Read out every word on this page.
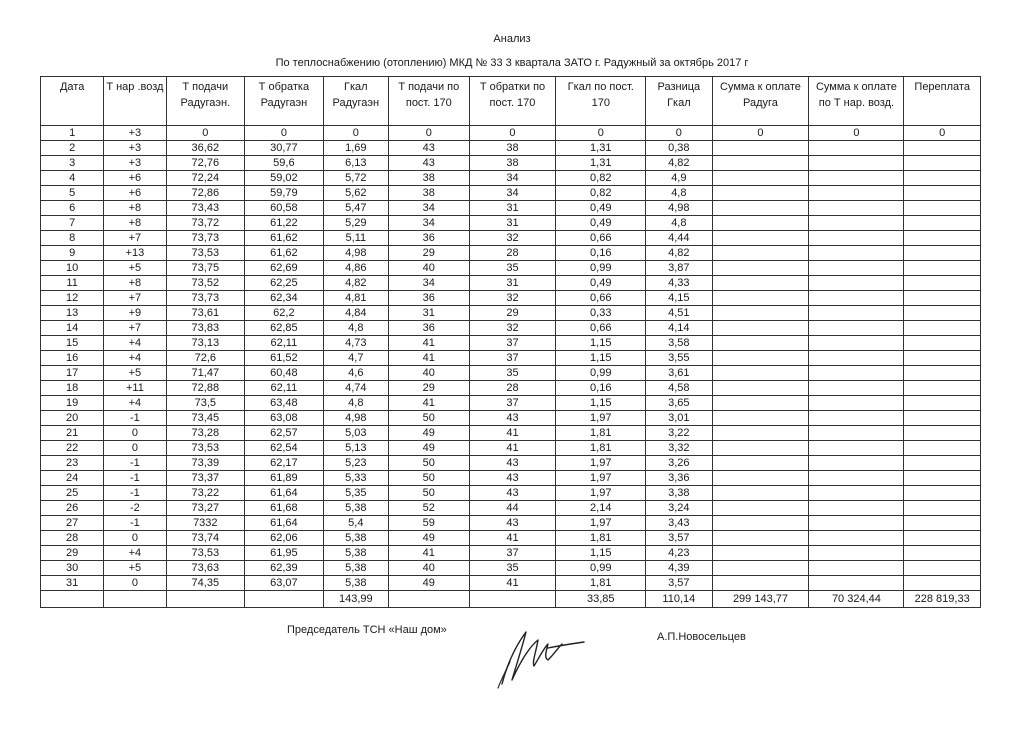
Анализ
По теплоснабжению (отоплению) МКД № 33 3 квартала ЗАТО г. Радужный за октябрь 2017 г
Дата	Т нар .возд	Т подачи Радугаэн.	Т обратка Радугаэн	Гкал Радугаэн	Т подачи по пост. 170	Т обратки по пост. 170	Гкал по пост. 170	Разница Гкал	Сумма к оплате Радуга	Сумма к оплате по Т нар. возд.	Переплата
1	+3	0	0	0	0	0	0	0	0	0	0
2	+3	36,62	30,77	1,69	43	38	1,31	0,38			
3	+3	72,76	59,6	6,13	43	38	1,31	4,82			
4	+6	72,24	59,02	5,72	38	34	0,82	4,9			
5	+6	72,86	59,79	5,62	38	34	0,82	4,8			
6	+8	73,43	60,58	5,47	34	31	0,49	4,98			
7	+8	73,72	61,22	5,29	34	31	0,49	4,8			
8	+7	73,73	61,62	5,11	36	32	0,66	4,44			
9	+13	73,53	61,62	4,98	29	28	0,16	4,82			
10	+5	73,75	62,69	4,86	40	35	0,99	3,87			
11	+8	73,52	62,25	4,82	34	31	0,49	4,33			
12	+7	73,73	62,34	4,81	36	32	0,66	4,15			
13	+9	73,61	62,2	4,84	31	29	0,33	4,51			
14	+7	73,83	62,85	4,8	36	32	0,66	4,14			
15	+4	73,13	62,11	4,73	41	37	1,15	3,58			
16	+4	72,6	61,52	4,7	41	37	1,15	3,55			
17	+5	71,47	60,48	4,6	40	35	0,99	3,61			
18	+11	72,88	62,11	4,74	29	28	0,16	4,58			
19	+4	73,5	63,48	4,8	41	37	1,15	3,65			
20	-1	73,45	63,08	4,98	50	43	1,97	3,01			
21	0	73,28	62,57	5,03	49	41	1,81	3,22			
22	0	73,53	62,54	5,13	49	41	1,81	3,32			
23	-1	73,39	62,17	5,23	50	43	1,97	3,26			
24	-1	73,37	61,89	5,33	50	43	1,97	3,36			
25	-1	73,22	61,64	5,35	50	43	1,97	3,38			
26	-2	73,27	61,68	5,38	52	44	2,14	3,24			
27	-1	7332	61,64	5,4	59	43	1,97	3,43			
28	0	73,74	62,06	5,38	49	41	1,81	3,57			
29	+4	73,53	61,95	5,38	41	37	1,15	4,23			
30	+5	73,63	62,39	5,38	40	35	0,99	4,39			
31	0	74,35	63,07	5,38	49	41	1,81	3,57			
				143,99			33,85	110,14	299 143,77	70 324,44	228 819,33
Председатель ТСН «Наш дом»
А.П.Новосельцев
